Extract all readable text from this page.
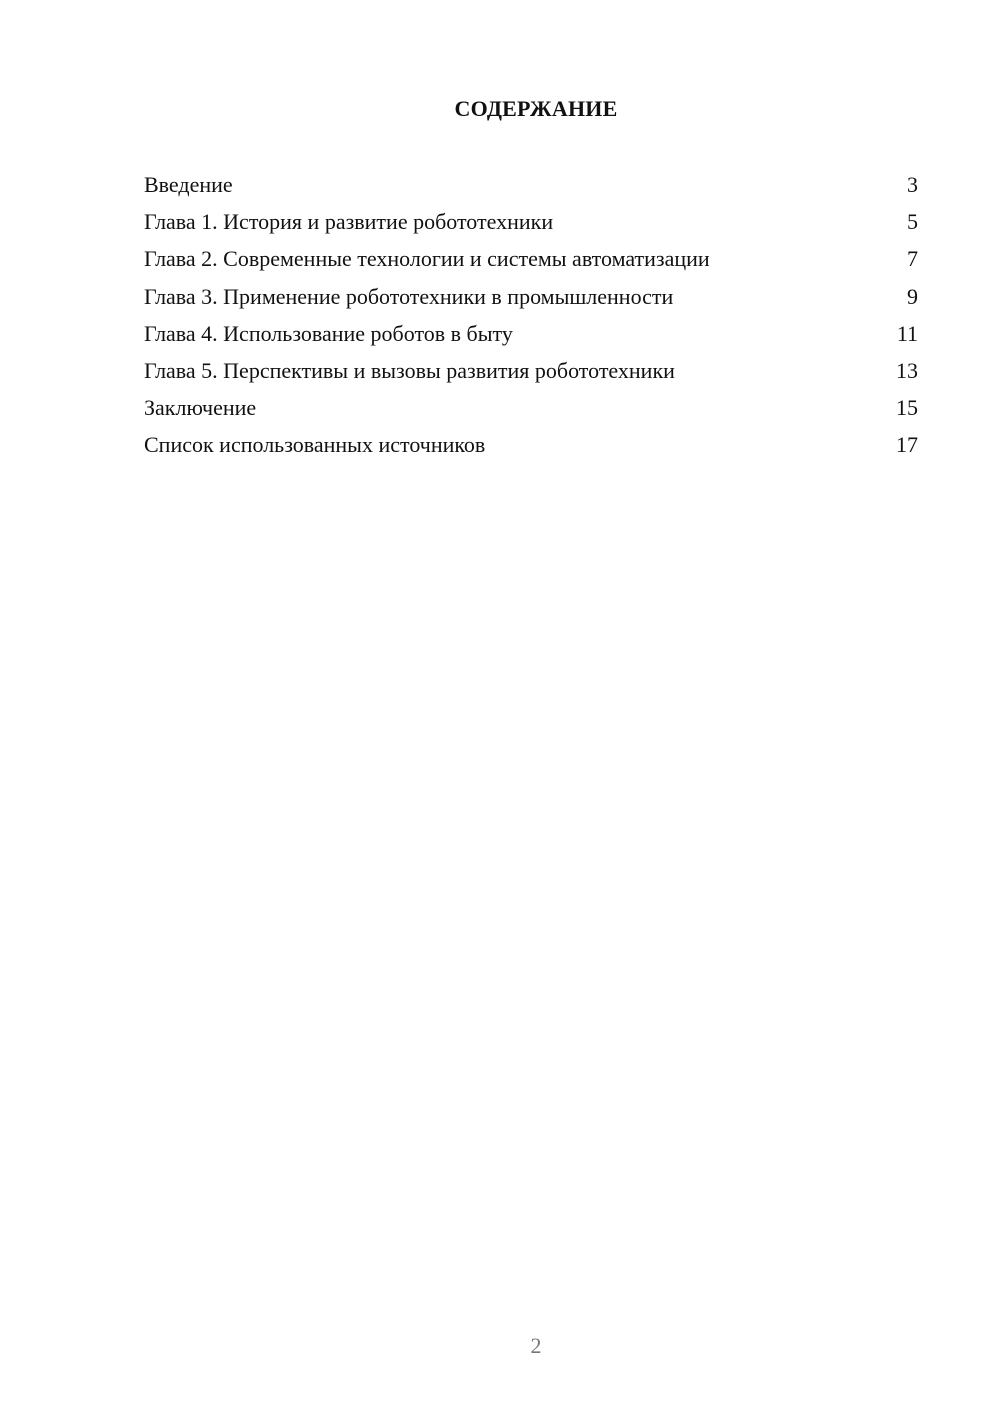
СОДЕРЖАНИЕ
Введение	3
Глава 1. История и развитие робототехники	5
Глава 2. Современные технологии и системы автоматизации	7
Глава 3. Применение робототехники в промышленности	9
Глава 4. Использование роботов в быту	11
Глава 5. Перспективы и вызовы развития робототехники	13
Заключение	15
Список использованных источников	17
2
